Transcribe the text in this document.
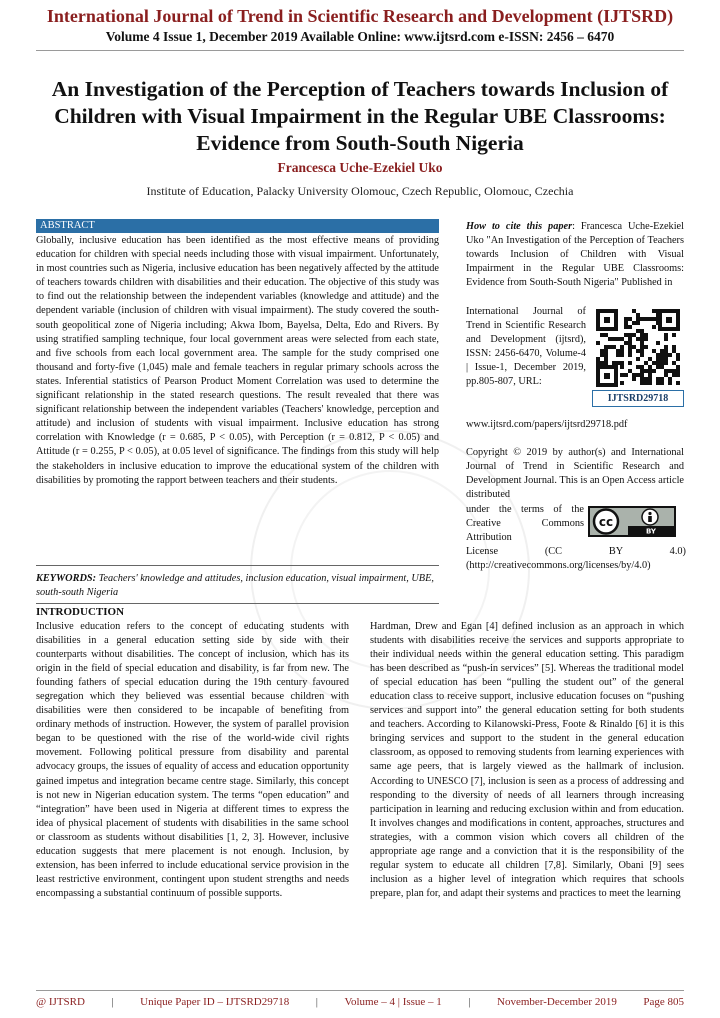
International Journal of Trend in Scientific Research and Development (IJTSRD)
Volume 4 Issue 1, December 2019 Available Online: www.ijtsrd.com e-ISSN: 2456 – 6470
An Investigation of the Perception of Teachers towards Inclusion of Children with Visual Impairment in the Regular UBE Classrooms: Evidence from South-South Nigeria
Francesca Uche-Ezekiel Uko
Institute of Education, Palacky University Olomouc, Czech Republic, Olomouc, Czechia
ABSTRACT

Globally, inclusive education has been identified as the most effective means of providing education for children with special needs including those with visual impairment. Unfortunately, in most countries such as Nigeria, inclusive education has been negatively affected by the attitude of teachers towards children with disabilities and their education. The objective of this study was to find out the relationship between the independent variables (knowledge and attitude) and the dependent variable (inclusion of children with visual impairment). The study covered the south-south geopolitical zone of Nigeria including; Akwa Ibom, Bayelsa, Delta, Edo and Rivers. By using stratified sampling technique, four local government areas were selected from each state, and five schools from each local government area. The sample for the study comprised one thousand and forty-five (1,045) male and female teachers in regular primary schools across the states. Inferential statistics of Pearson Product Moment Correlation was used to determine the significant relationship in the stated research questions. The result revealed that there was significant relationship between the independent variables (Teachers' knowledge, perception and attitude) and inclusion of students with visual impairment. Inclusive education has strong correlation with Knowledge (r = 0.685, P < 0.05), with Perception (r = 0.812, P < 0.05) and Attitude (r = 0.255, P < 0.05), at 0.05 level of significance. The findings from this study will help the stakeholders in inclusive education to improve the educational system of the children with disabilities by promoting the rapport between teachers and their students.

KEYWORDS: Teachers' knowledge and attitudes, inclusion education, visual impairment, UBE, south-south Nigeria

How to cite this paper: Francesca Uche-Ezekiel Uko "An Investigation of the Perception of Teachers towards Inclusion of Children with Visual Impairment in the Regular UBE Classrooms: Evidence from South-South Nigeria" Published in

International Journal of Trend in Scientific Research and Development (ijtsrd), ISSN: 2456-6470, Volume-4 | Issue-1, December 2019, pp.805-807, URL:

IJTSRD29718
www.ijtsrd.com/papers/ijtsrd29718.pdf

Copyright © 2019 by author(s) and International Journal of Trend in Scientific Research and Development Journal. This is an Open Access article distributed

under the terms of the Creative Commons Attribution

cc
BY

License (CC BY 4.0) (http://creativecommons.org/licenses/by/4.0)

INTRODUCTION

Inclusive education refers to the concept of educating students with disabilities in a general education setting side by side with their counterparts without disabilities. The concept of inclusion, which has its origin in the field of special education and disability, is far from new. The founding fathers of special education during the 19th century favoured segregation which they believed was essential because children with disabilities were then considered to be incapable of benefiting from ordinary methods of instruction. However, the system of parallel provision began to be questioned with the rise of the world-wide civil rights movement. Following political pressure from disability and parental advocacy groups, the issues of equality of access and education opportunity gained impetus and integration became centre stage. Similarly, this concept is not new in Nigerian education system. The terms “open education” and “integration” have been used in Nigeria at different times to express the idea of physical placement of students with disabilities in the same school or classroom as students without disabilities [1, 2, 3]. However, inclusive education suggests that mere placement is not enough. Inclusion, by extension, has been inferred to include educational service provision in the least restrictive environment, contingent upon student strengths and needs encompassing a substantial continuum of possible supports.

Hardman, Drew and Egan [4] defined inclusion as an approach in which students with disabilities receive the services and supports appropriate to their individual needs within the general education setting. This paradigm has been described as “push-in services” [5]. Whereas the traditional model of special education has been “pulling the student out” of the general education class to receive support, inclusive education focuses on “pushing services and support into” the general education setting for both students and teachers. According to Kilanowski-Press, Foote & Rinaldo [6] it is this bringing services and support to the student in the general education classroom, as opposed to removing students from learning experiences with same age peers, that is largely viewed as the hallmark of inclusion. According to UNESCO [7], inclusion is seen as a process of addressing and responding to the diversity of needs of all learners through increasing participation in learning and reducing exclusion within and from education. It involves changes and modifications in content, approaches, structures and strategies, with a common vision which covers all children of the appropriate age range and a conviction that it is the responsibility of the regular system to educate all children [7,8]. Similarly, Obani [9] sees inclusion as a higher level of integration which requires that schools prepare, plan for, and adapt their systems and practices to meet the learning

@ IJTSRD | Unique Paper ID – IJTSRD29718 | Volume – 4 | Issue – 1 | November-December 2019 Page 805
